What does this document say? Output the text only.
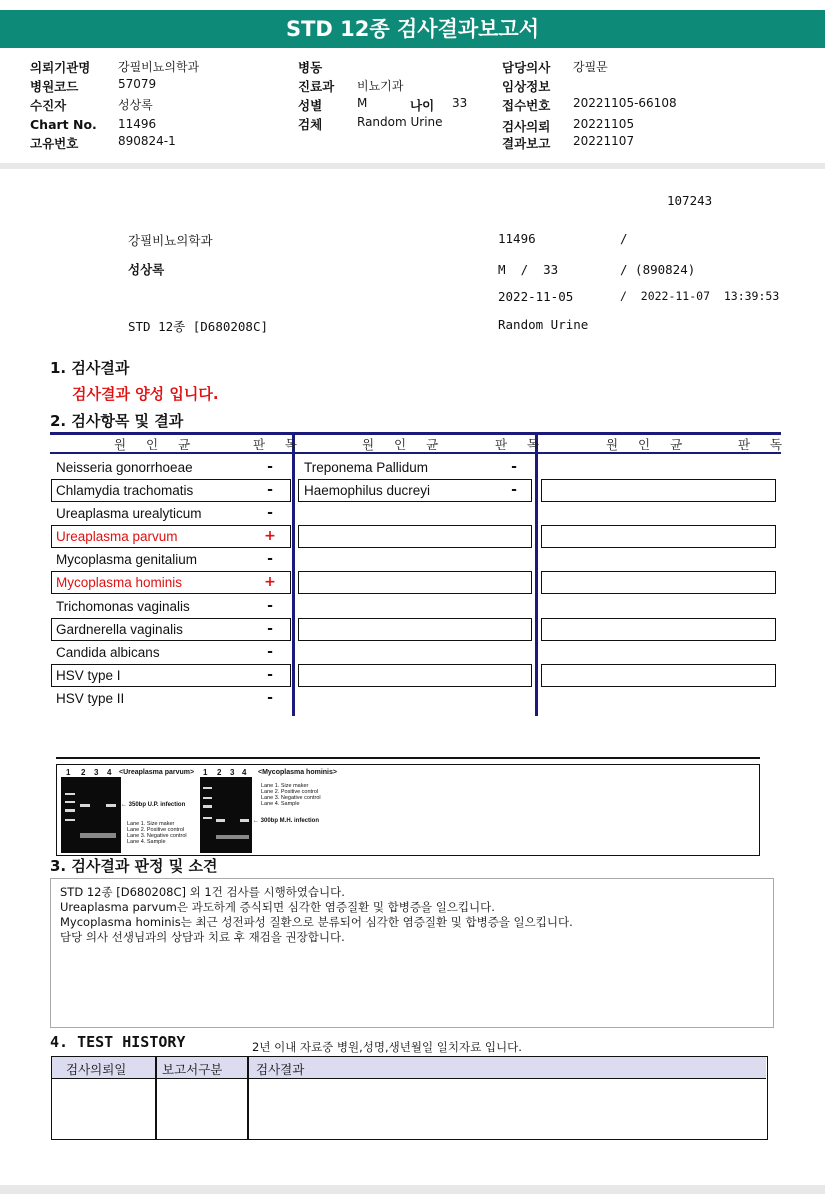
STD 12종 검사결과보고서
의뢰기관명 강필비뇨의학과
병원코드	57079
수진자	성상록
Chart No. 11496
고유번호	890824-1
병동
진료과 비뇨기과
성별	M	나이 33
검체	Random Urine
담당의사 강필문
임상정보
접수번호 20221105-66108
검사의뢰 20221105
결과보고 20221107
107243
강필비뇨의학과	11496	/
성상록	M  /  33	/ (890824)
2022-11-05	/  2022-11-07  13:39:53
STD 12종 [D680208C]	Random Urine
1. 검사결과
검사결과 양성 입니다.
2. 검사항목 및 결과
원 인 균	판 독	원 인 균	판 독	원 인 균	판 독
Neisseria gonorrhoeae	-
Chlamydia trachomatis	-
Ureaplasma urealyticum	-
Ureaplasma parvum	+
Mycoplasma genitalium	-
Mycoplasma hominis	+
Trichomonas vaginalis	-
Gardnerella vaginalis	-
Candida albicans	-
HSV type I	-
HSV type II	-
Treponema Pallidum	-
Haemophilus ducreyi	-
1 2 3 4 <Ureaplasma parvum>
← 350bp U.P. infection
Lane 1. Size maker
Lane 2. Positive control
Lane 3. Negative control
Lane 4. Sample
1 2 3 4 <Mycoplasma hominis>
Lane 1. Size maker
Lane 2. Positive control
Lane 3. Negative control
Lane 4. Sample
← 300bp M.H. infection
3. 검사결과 판정 및 소견
STD 12종 [D680208C] 외 1건 검사를 시행하였습니다.
Ureaplasma parvum은 과도하게 증식되면 심각한 염증질환 및 합병증을 일으킵니다.
Mycoplasma hominis는 최근 성전파성 질환으로 분류되어 심각한 염증질환 및 합병증을 일으킵니다.
담당 의사 선생님과의 상담과 치료 후 재검을 권장합니다.
4. TEST HISTORY	2년 이내 자료중 병원,성명,생년월일 일치자료 입니다.
검사의뢰일	보고서구분	검사결과
